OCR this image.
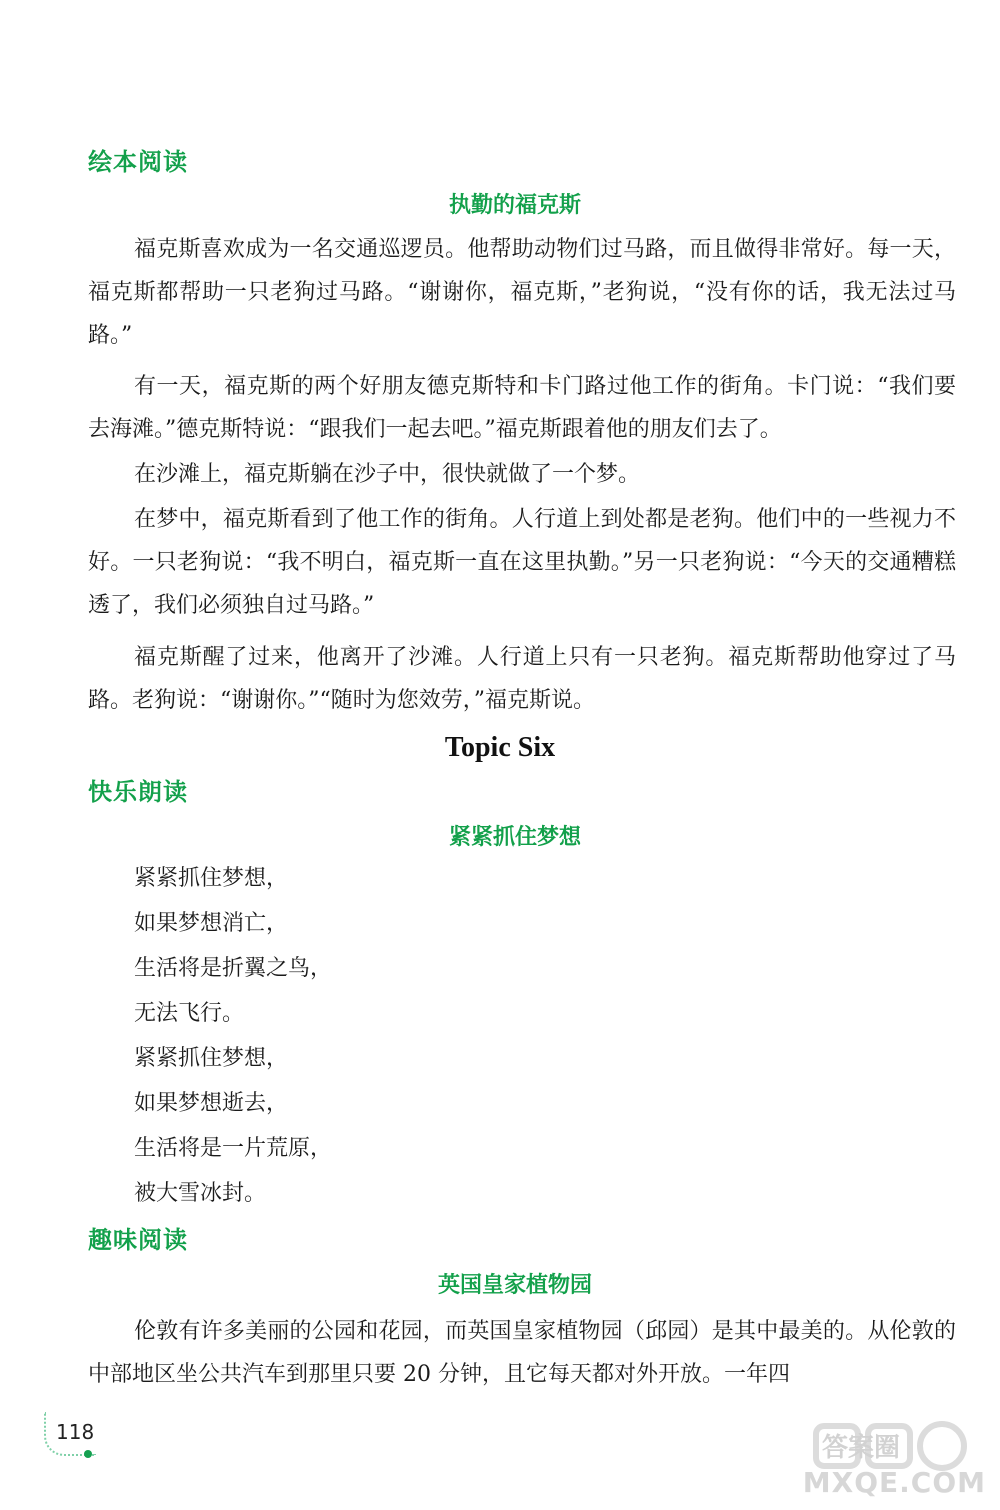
绘本阅读
执勤的福克斯

福克斯喜欢成为一名交通巡逻员。他帮助动物们过马路，而且做得非常好。每一天，福克斯都帮助一只老狗过马路。“谢谢你，福克斯，”老狗说，“没有你的话，我无法过马路。”

有一天，福克斯的两个好朋友德克斯特和卡门路过他工作的街角。卡门说：“我们要去海滩。”德克斯特说：“跟我们一起去吧。”福克斯跟着他的朋友们去了。

在沙滩上，福克斯躺在沙子中，很快就做了一个梦。

在梦中，福克斯看到了他工作的街角。人行道上到处都是老狗。他们中的一些视力不好。一只老狗说：“我不明白，福克斯一直在这里执勤。”另一只老狗说：“今天的交通糟糕透了，我们必须独自过马路。”

福克斯醒了过来，他离开了沙滩。人行道上只有一只老狗。福克斯帮助他穿过了马路。老狗说：“谢谢你。”“随时为您效劳，”福克斯说。

Topic Six
快乐朗读
紧紧抓住梦想
紧紧抓住梦想，
如果梦想消亡，
生活将是折翼之鸟，
无法飞行。
紧紧抓住梦想，
如果梦想逝去，
生活将是一片荒原，
被大雪冰封。
趣味阅读
英国皇家植物园

伦敦有许多美丽的公园和花园，而英国皇家植物园（邱园）是其中最美的。从伦敦的中部地区坐公共汽车到那里只要 20 分钟，且它每天都对外开放。一年四

118
答案圈
MXQE.COM
